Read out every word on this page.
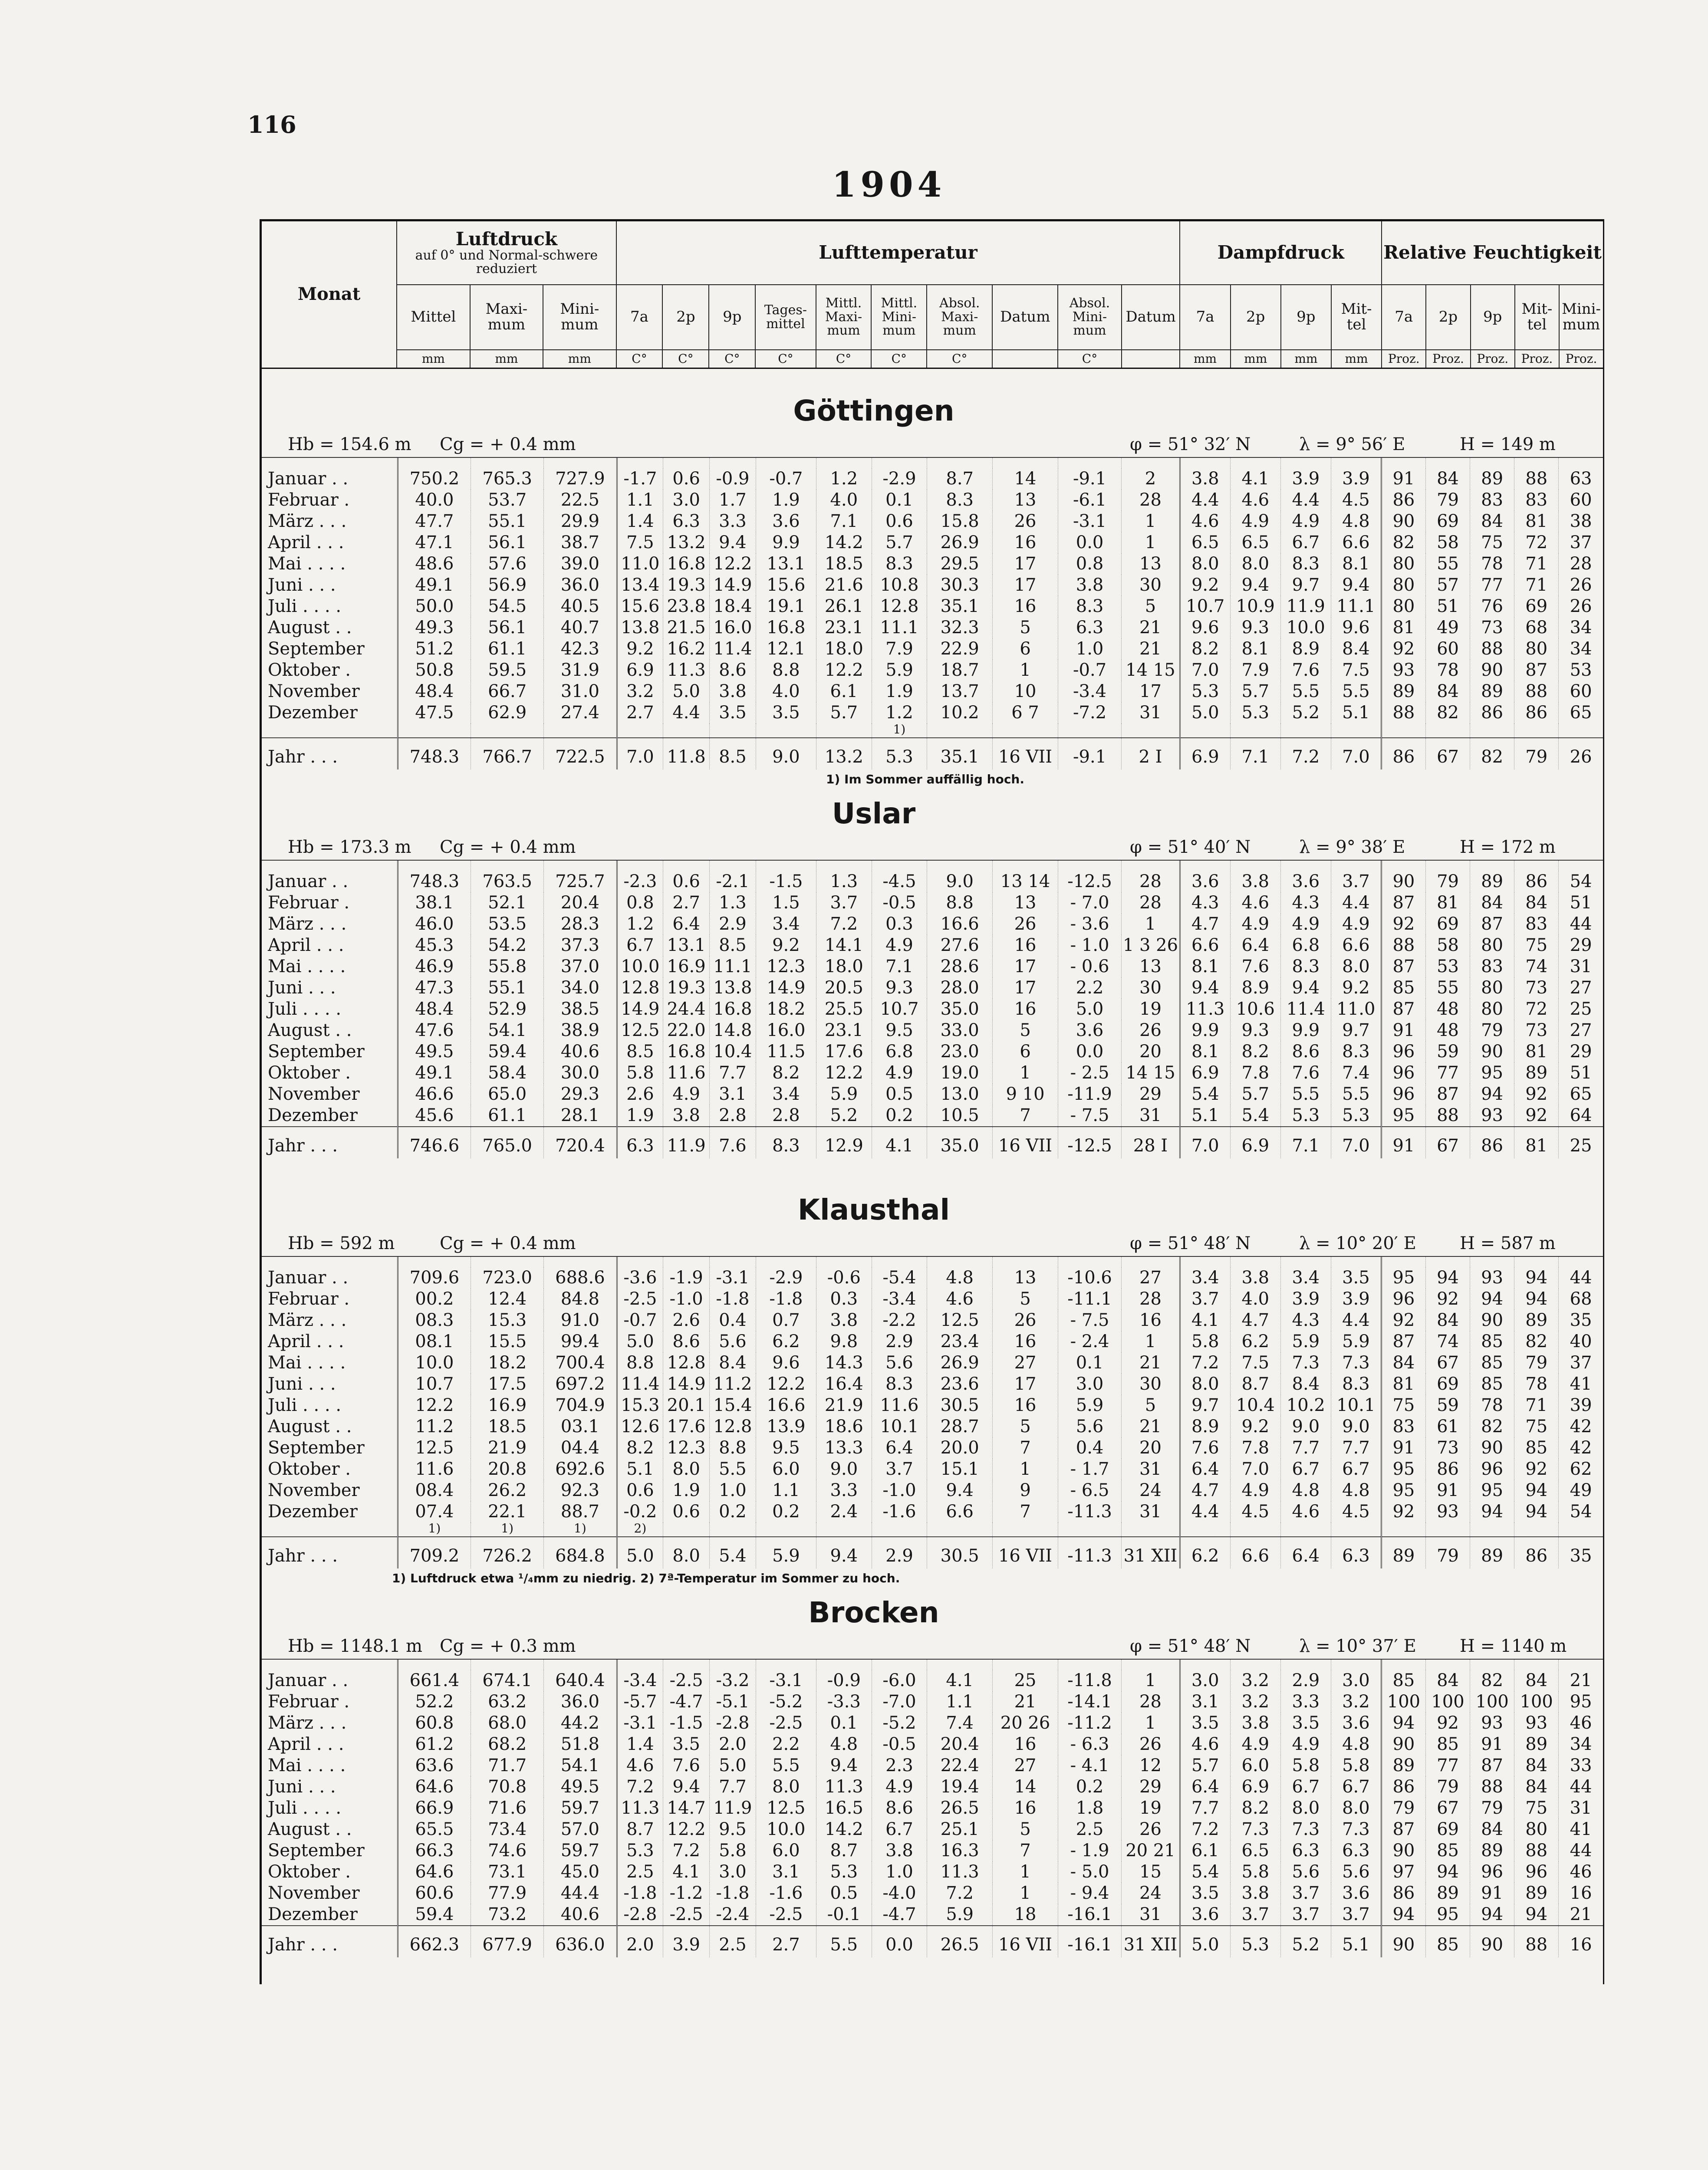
116
1904
Monat	Luftdruck
auf 0° und Normal-schwere reduziert			Lufttemperatur										Dampfdruck				Relative Feuchtigkeit				
	Mittel	Maxi-mum	Mini-mum	7a	2p	9p	Tages-mittel	Mittl. Maxi-mum	Mittl. Mini-mum	Absol. Maxi-mum	Datum	Absol. Mini-mum	Datum	7a	2p	9p	Mit-tel	7a	2p	9p	Mit-tel	Mini-mum
	mm	mm	mm	C°	C°	C°	C°	C°	C°	C°		C°		mm	mm	mm	mm	Proz.	Proz.	Proz.	Proz.	Proz.
Göttingen
Hb = 154.6 m Cg = + 0.4 mm	φ = 51° 32′ N	λ = 9° 56′ E	H = 149 m

Januar . .	750.2	765.3	727.9	-1.7	0.6	-0.9	-0.7	1.2	-2.9	8.7	14	-9.1	2	3.8	4.1	3.9	3.9	91	84	89	88	63
Februar .	40.0	53.7	22.5	1.1	3.0	1.7	1.9	4.0	0.1	8.3	13	-6.1	28	4.4	4.6	4.4	4.5	86	79	83	83	60
März . . .	47.7	55.1	29.9	1.4	6.3	3.3	3.6	7.1	0.6	15.8	26	-3.1	1	4.6	4.9	4.9	4.8	90	69	84	81	38
April . . .	47.1	56.1	38.7	7.5	13.2	9.4	9.9	14.2	5.7	26.9	16	0.0	1	6.5	6.5	6.7	6.6	82	58	75	72	37
Mai . . . .	48.6	57.6	39.0	11.0	16.8	12.2	13.1	18.5	8.3	29.5	17	0.8	13	8.0	8.0	8.3	8.1	80	55	78	71	28
Juni . . .	49.1	56.9	36.0	13.4	19.3	14.9	15.6	21.6	10.8	30.3	17	3.8	30	9.2	9.4	9.7	9.4	80	57	77	71	26
Juli . . . .	50.0	54.5	40.5	15.6	23.8	18.4	19.1	26.1	12.8	35.1	16	8.3	5	10.7	10.9	11.9	11.1	80	51	76	69	26
August . .	49.3	56.1	40.7	13.8	21.5	16.0	16.8	23.1	11.1	32.3	5	6.3	21	9.6	9.3	10.0	9.6	81	49	73	68	34
September	51.2	61.1	42.3	9.2	16.2	11.4	12.1	18.0	7.9	22.9	6	1.0	21	8.2	8.1	8.9	8.4	92	60	88	80	34
Oktober .	50.8	59.5	31.9	6.9	11.3	8.6	8.8	12.2	5.9	18.7	1	-0.7	14 15	7.0	7.9	7.6	7.5	93	78	90	87	53
November	48.4	66.7	31.0	3.2	5.0	3.8	4.0	6.1	1.9	13.7	10	-3.4	17	5.3	5.7	5.5	5.5	89	84	89	88	60
Dezember	47.5	62.9	27.4	2.7	4.4	3.5	3.5	5.7	1.2	10.2	6 7	-7.2	31	5.0	5.3	5.2	5.1	88	82	86	86	65
									1)													
Jahr . . .	748.3	766.7	722.5	7.0	11.8	8.5	9.0	13.2	5.3	35.1	16 VII	-9.1	2 I	6.9	7.1	7.2	7.0	86	67	82	79	26
1) Im Sommer auffällig hoch.
Uslar
Hb = 173.3 m Cg = + 0.4 mm	φ = 51° 40′ N	λ = 9° 38′ E	H = 172 m

Januar . .	748.3	763.5	725.7	-2.3	0.6	-2.1	-1.5	1.3	-4.5	9.0	13 14	-12.5	28	3.6	3.8	3.6	3.7	90	79	89	86	54
Februar .	38.1	52.1	20.4	0.8	2.7	1.3	1.5	3.7	-0.5	8.8	13	- 7.0	28	4.3	4.6	4.3	4.4	87	81	84	84	51
März . . .	46.0	53.5	28.3	1.2	6.4	2.9	3.4	7.2	0.3	16.6	26	- 3.6	1	4.7	4.9	4.9	4.9	92	69	87	83	44
April . . .	45.3	54.2	37.3	6.7	13.1	8.5	9.2	14.1	4.9	27.6	16	- 1.0	1 3 26	6.6	6.4	6.8	6.6	88	58	80	75	29
Mai . . . .	46.9	55.8	37.0	10.0	16.9	11.1	12.3	18.0	7.1	28.6	17	- 0.6	13	8.1	7.6	8.3	8.0	87	53	83	74	31
Juni . . .	47.3	55.1	34.0	12.8	19.3	13.8	14.9	20.5	9.3	28.0	17	2.2	30	9.4	8.9	9.4	9.2	85	55	80	73	27
Juli . . . .	48.4	52.9	38.5	14.9	24.4	16.8	18.2	25.5	10.7	35.0	16	5.0	19	11.3	10.6	11.4	11.0	87	48	80	72	25
August . .	47.6	54.1	38.9	12.5	22.0	14.8	16.0	23.1	9.5	33.0	5	3.6	26	9.9	9.3	9.9	9.7	91	48	79	73	27
September	49.5	59.4	40.6	8.5	16.8	10.4	11.5	17.6	6.8	23.0	6	0.0	20	8.1	8.2	8.6	8.3	96	59	90	81	29
Oktober .	49.1	58.4	30.0	5.8	11.6	7.7	8.2	12.2	4.9	19.0	1	- 2.5	14 15	6.9	7.8	7.6	7.4	96	77	95	89	51
November	46.6	65.0	29.3	2.6	4.9	3.1	3.4	5.9	0.5	13.0	9 10	-11.9	29	5.4	5.7	5.5	5.5	96	87	94	92	65
Dezember	45.6	61.1	28.1	1.9	3.8	2.8	2.8	5.2	0.2	10.5	7	- 7.5	31	5.1	5.4	5.3	5.3	95	88	93	92	64
Jahr . . .	746.6	765.0	720.4	6.3	11.9	7.6	8.3	12.9	4.1	35.0	16 VII	-12.5	28 I	7.0	6.9	7.1	7.0	91	67	86	81	25
Klausthal
Hb = 592 m	Cg = + 0.4 mm	φ = 51° 48′ N	λ = 10° 20′ E	H = 587 m

Januar . .	709.6	723.0	688.6	-3.6	-1.9	-3.1	-2.9	-0.6	-5.4	4.8	13	-10.6	27	3.4	3.8	3.4	3.5	95	94	93	94	44
Februar .	00.2	12.4	84.8	-2.5	-1.0	-1.8	-1.8	0.3	-3.4	4.6	5	-11.1	28	3.7	4.0	3.9	3.9	96	92	94	94	68
März . . .	08.3	15.3	91.0	-0.7	2.6	0.4	0.7	3.8	-2.2	12.5	26	- 7.5	16	4.1	4.7	4.3	4.4	92	84	90	89	35
April . . .	08.1	15.5	99.4	5.0	8.6	5.6	6.2	9.8	2.9	23.4	16	- 2.4	1	5.8	6.2	5.9	5.9	87	74	85	82	40
Mai . . . .	10.0	18.2	700.4	8.8	12.8	8.4	9.6	14.3	5.6	26.9	27	0.1	21	7.2	7.5	7.3	7.3	84	67	85	79	37
Juni . . .	10.7	17.5	697.2	11.4	14.9	11.2	12.2	16.4	8.3	23.6	17	3.0	30	8.0	8.7	8.4	8.3	81	69	85	78	41
Juli . . . .	12.2	16.9	704.9	15.3	20.1	15.4	16.6	21.9	11.6	30.5	16	5.9	5	9.7	10.4	10.2	10.1	75	59	78	71	39
August . .	11.2	18.5	03.1	12.6	17.6	12.8	13.9	18.6	10.1	28.7	5	5.6	21	8.9	9.2	9.0	9.0	83	61	82	75	42
September	12.5	21.9	04.4	8.2	12.3	8.8	9.5	13.3	6.4	20.0	7	0.4	20	7.6	7.8	7.7	7.7	91	73	90	85	42
Oktober .	11.6	20.8	692.6	5.1	8.0	5.5	6.0	9.0	3.7	15.1	1	- 1.7	31	6.4	7.0	6.7	6.7	95	86	96	92	62
November	08.4	26.2	92.3	0.6	1.9	1.0	1.1	3.3	-1.0	9.4	9	- 6.5	24	4.7	4.9	4.8	4.8	95	91	95	94	49
Dezember	07.4	22.1	88.7	-0.2	0.6	0.2	0.2	2.4	-1.6	6.6	7	-11.3	31	4.4	4.5	4.6	4.5	92	93	94	94	54
	1)	1)	1)	2)																		
Jahr . . .	709.2	726.2	684.8	5.0	8.0	5.4	5.9	9.4	2.9	30.5	16 VII	-11.3	31 XII	6.2	6.6	6.4	6.3	89	79	89	86	35
1) Luftdruck etwa ¹/₄mm zu niedrig. 2) 7ª-Temperatur im Sommer zu hoch.
Brocken
Hb = 1148.1 m Cg = + 0.3 mm	φ = 51° 48′ N	λ = 10° 37′ E	H = 1140 m

Januar . .	661.4	674.1	640.4	-3.4	-2.5	-3.2	-3.1	-0.9	-6.0	4.1	25	-11.8	1	3.0	3.2	2.9	3.0	85	84	82	84	21
Februar .	52.2	63.2	36.0	-5.7	-4.7	-5.1	-5.2	-3.3	-7.0	1.1	21	-14.1	28	3.1	3.2	3.3	3.2	100	100	100	100	95
März . . .	60.8	68.0	44.2	-3.1	-1.5	-2.8	-2.5	0.1	-5.2	7.4	20 26	-11.2	1	3.5	3.8	3.5	3.6	94	92	93	93	46
April . . .	61.2	68.2	51.8	1.4	3.5	2.0	2.2	4.8	-0.5	20.4	16	- 6.3	26	4.6	4.9	4.9	4.8	90	85	91	89	34
Mai . . . .	63.6	71.7	54.1	4.6	7.6	5.0	5.5	9.4	2.3	22.4	27	- 4.1	12	5.7	6.0	5.8	5.8	89	77	87	84	33
Juni . . .	64.6	70.8	49.5	7.2	9.4	7.7	8.0	11.3	4.9	19.4	14	0.2	29	6.4	6.9	6.7	6.7	86	79	88	84	44
Juli . . . .	66.9	71.6	59.7	11.3	14.7	11.9	12.5	16.5	8.6	26.5	16	1.8	19	7.7	8.2	8.0	8.0	79	67	79	75	31
August . .	65.5	73.4	57.0	8.7	12.2	9.5	10.0	14.2	6.7	25.1	5	2.5	26	7.2	7.3	7.3	7.3	87	69	84	80	41
September	66.3	74.6	59.7	5.3	7.2	5.8	6.0	8.7	3.8	16.3	7	- 1.9	20 21	6.1	6.5	6.3	6.3	90	85	89	88	44
Oktober .	64.6	73.1	45.0	2.5	4.1	3.0	3.1	5.3	1.0	11.3	1	- 5.0	15	5.4	5.8	5.6	5.6	97	94	96	96	46
November	60.6	77.9	44.4	-1.8	-1.2	-1.8	-1.6	0.5	-4.0	7.2	1	- 9.4	24	3.5	3.8	3.7	3.6	86	89	91	89	16
Dezember	59.4	73.2	40.6	-2.8	-2.5	-2.4	-2.5	-0.1	-4.7	5.9	18	-16.1	31	3.6	3.7	3.7	3.7	94	95	94	94	21
Jahr . . .	662.3	677.9	636.0	2.0	3.9	2.5	2.7	5.5	0.0	26.5	16 VII	-16.1	31 XII	5.0	5.3	5.2	5.1	90	85	90	88	16
